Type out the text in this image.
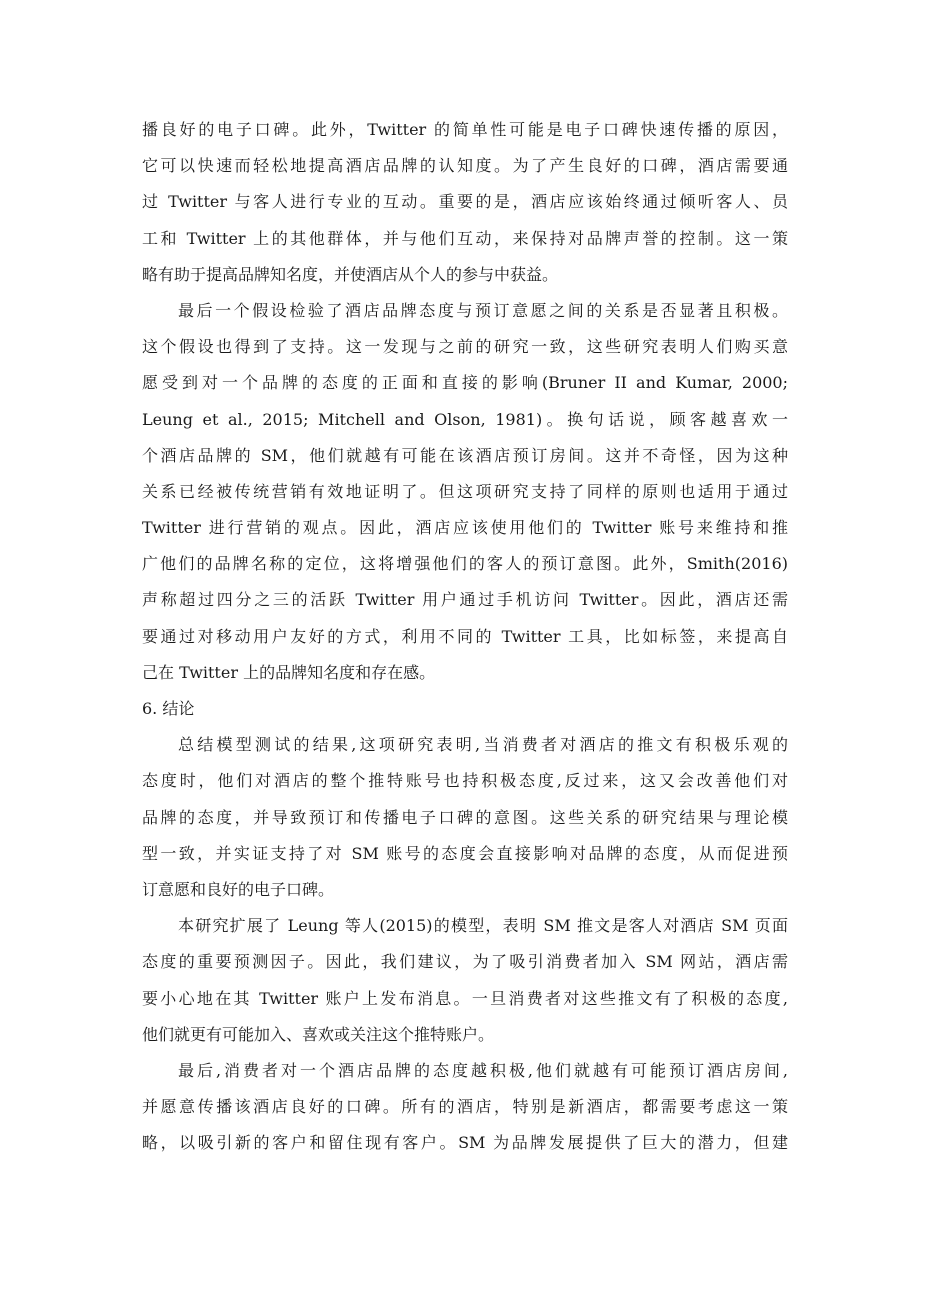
播良好的电子口碑。此外，Twitter 的简单性可能是电子口碑快速传播的原因，
它可以快速而轻松地提高酒店品牌的认知度。为了产生良好的口碑，酒店需要通
过 Twitter 与客人进行专业的互动。重要的是，酒店应该始终通过倾听客人、员
工和 Twitter 上的其他群体，并与他们互动，来保持对品牌声誉的控制。这一策
略有助于提高品牌知名度，并使酒店从个人的参与中获益。
最后一个假设检验了酒店品牌态度与预订意愿之间的关系是否显著且积极。
这个假设也得到了支持。这一发现与之前的研究一致，这些研究表明人们购买意
愿受到对一个品牌的态度的正面和直接的影响(Bruner II and Kumar, 2000;
Leung et al., 2015; Mitchell and Olson, 1981)。换句话说，顾客越喜欢一
个酒店品牌的 SM，他们就越有可能在该酒店预订房间。这并不奇怪，因为这种
关系已经被传统营销有效地证明了。但这项研究支持了同样的原则也适用于通过
Twitter 进行营销的观点。因此，酒店应该使用他们的 Twitter 账号来维持和推
广他们的品牌名称的定位，这将增强他们的客人的预订意图。此外，Smith(2016)
声称超过四分之三的活跃 Twitter 用户通过手机访问 Twitter。因此，酒店还需
要通过对移动用户友好的方式，利用不同的 Twitter 工具，比如标签，来提高自
己在 Twitter 上的品牌知名度和存在感。
6. 结论
总结模型测试的结果,这项研究表明,当消费者对酒店的推文有积极乐观的
态度时，他们对酒店的整个推特账号也持积极态度,反过来，这又会改善他们对
品牌的态度，并导致预订和传播电子口碑的意图。这些关系的研究结果与理论模
型一致，并实证支持了对 SM 账号的态度会直接影响对品牌的态度，从而促进预
订意愿和良好的电子口碑。
本研究扩展了 Leung 等人(2015)的模型，表明 SM 推文是客人对酒店 SM 页面
态度的重要预测因子。因此，我们建议，为了吸引消费者加入 SM 网站，酒店需
要小心地在其 Twitter 账户上发布消息。一旦消费者对这些推文有了积极的态度,
他们就更有可能加入、喜欢或关注这个推特账户。
最后,消费者对一个酒店品牌的态度越积极,他们就越有可能预订酒店房间,
并愿意传播该酒店良好的口碑。所有的酒店，特别是新酒店，都需要考虑这一策
略，以吸引新的客户和留住现有客户。SM 为品牌发展提供了巨大的潜力，但建
